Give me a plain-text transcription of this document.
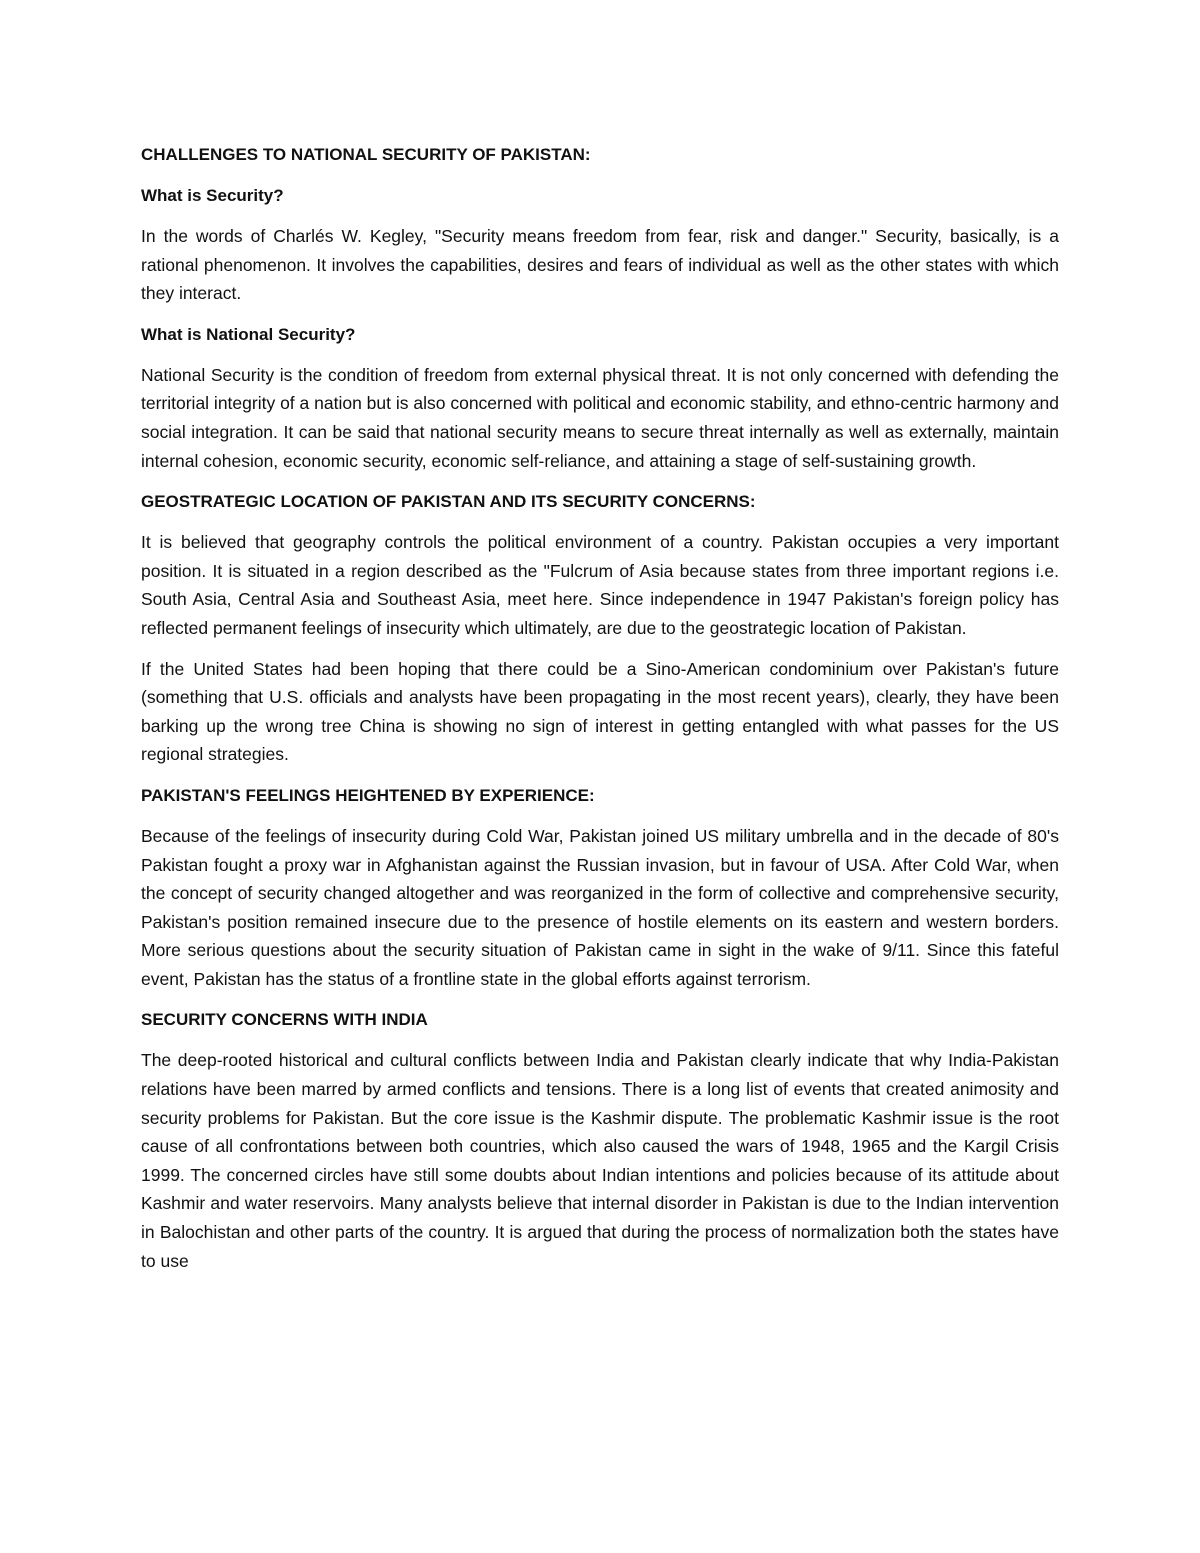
CHALLENGES TO NATIONAL SECURITY OF PAKISTAN:
What is Security?

In the words of Charlés W. Kegley, "Security means freedom from fear, risk and danger." Security, basically, is a rational phenomenon. It involves the capabilities, desires and fears of individual as well as the other states with which they interact.

What is National Security?

National Security is the condition of freedom from external physical threat. It is not only concerned with defending the territorial integrity of a nation but is also concerned with political and economic stability, and ethno-centric harmony and social integration. It can be said that national security means to secure threat internally as well as externally, maintain internal cohesion, economic security, economic self-reliance, and attaining a stage of self-sustaining growth.

GEOSTRATEGIC LOCATION OF PAKISTAN AND ITS SECURITY CONCERNS:

It is believed that geography controls the political environment of a country. Pakistan occupies a very important position. It is situated in a region described as the "Fulcrum of Asia because states from three important regions i.e. South Asia, Central Asia and Southeast Asia, meet here. Since independence in 1947 Pakistan's foreign policy has reflected permanent feelings of insecurity which ultimately, are due to the geostrategic location of Pakistan.

If the United States had been hoping that there could be a Sino-American condominium over Pakistan's future (something that U.S. officials and analysts have been propagating in the most recent years), clearly, they have been barking up the wrong tree China is showing no sign of interest in getting entangled with what passes for the US regional strategies.

PAKISTAN'S FEELINGS HEIGHTENED BY EXPERIENCE:

Because of the feelings of insecurity during Cold War, Pakistan joined US military umbrella and in the decade of 80's Pakistan fought a proxy war in Afghanistan against the Russian invasion, but in favour of USA. After Cold War, when the concept of security changed altogether and was reorganized in the form of collective and comprehensive security, Pakistan's position remained insecure due to the presence of hostile elements on its eastern and western borders. More serious questions about the security situation of Pakistan came in sight in the wake of 9/11. Since this fateful event, Pakistan has the status of a frontline state in the global efforts against terrorism.

SECURITY CONCERNS WITH INDIA

The deep-rooted historical and cultural conflicts between India and Pakistan clearly indicate that why India-Pakistan relations have been marred by armed conflicts and tensions. There is a long list of events that created animosity and security problems for Pakistan. But the core issue is the Kashmir dispute. The problematic Kashmir issue is the root cause of all confrontations between both countries, which also caused the wars of 1948, 1965 and the Kargil Crisis 1999. The concerned circles have still some doubts about Indian intentions and policies because of its attitude about Kashmir and water reservoirs. Many analysts believe that internal disorder in Pakistan is due to the Indian intervention in Balochistan and other parts of the country. It is argued that during the process of normalization both the states have to use
